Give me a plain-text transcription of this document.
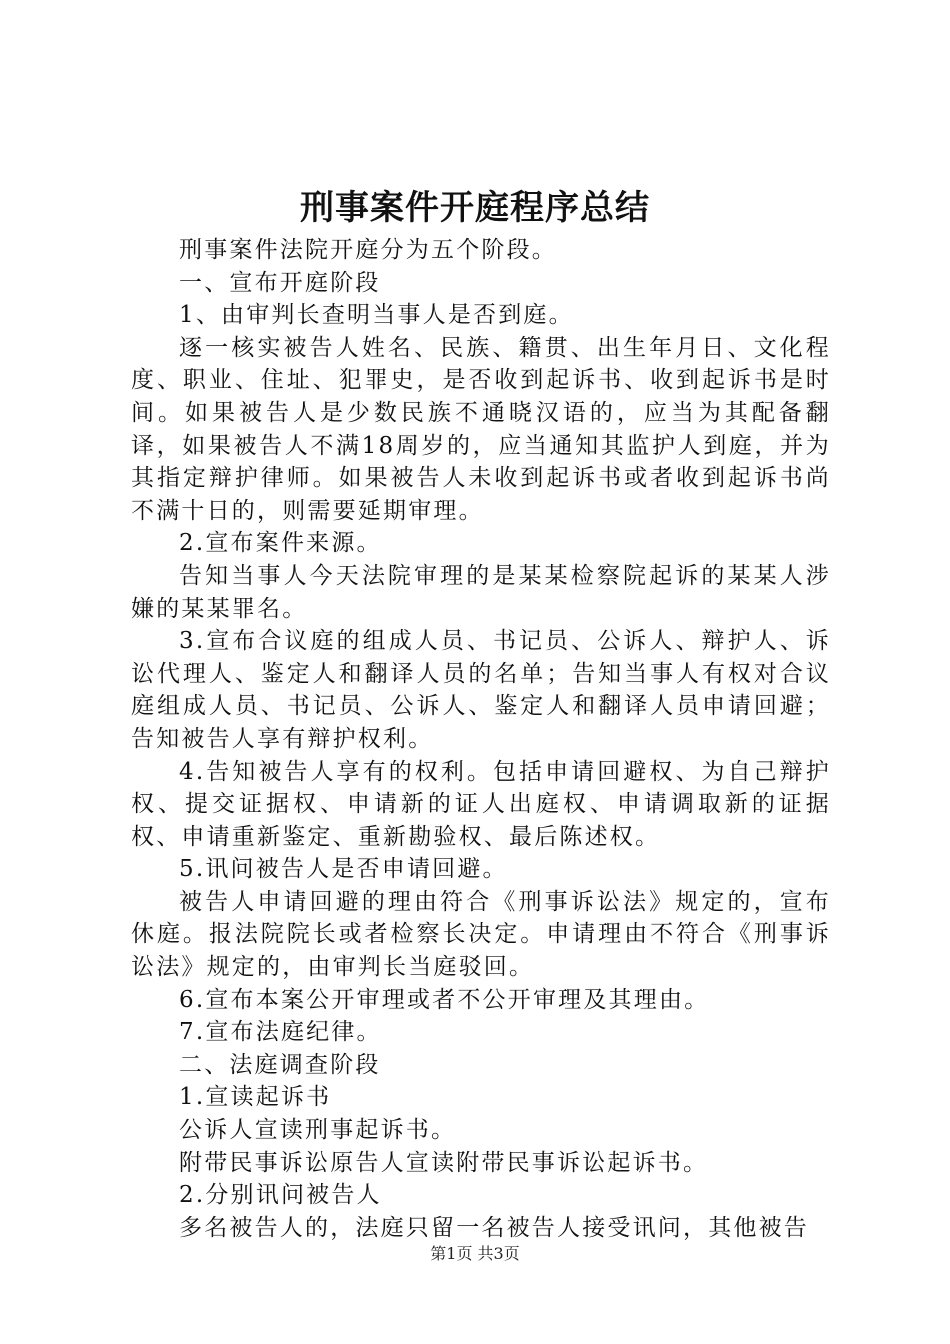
刑事案件开庭程序总结

刑事案件法院开庭分为五个阶段。

一、宣布开庭阶段

1、由审判长查明当事人是否到庭。

逐一核实被告人姓名、民族、籍贯、出生年月日、文化程度、职业、住址、犯罪史，是否收到起诉书、收到起诉书是时间。如果被告人是少数民族不通晓汉语的，应当为其配备翻译，如果被告人不满18周岁的，应当通知其监护人到庭，并为其指定辩护律师。如果被告人未收到起诉书或者收到起诉书尚不满十日的，则需要延期审理。

2.宣布案件来源。

告知当事人今天法院审理的是某某检察院起诉的某某人涉嫌的某某罪名。

3.宣布合议庭的组成人员、书记员、公诉人、辩护人、诉讼代理人、鉴定人和翻译人员的名单；告知当事人有权对合议庭组成人员、书记员、公诉人、鉴定人和翻译人员申请回避；告知被告人享有辩护权利。

4.告知被告人享有的权利。包括申请回避权、为自己辩护权、提交证据权、申请新的证人出庭权、申请调取新的证据权、申请重新鉴定、重新勘验权、最后陈述权。

5.讯问被告人是否申请回避。

被告人申请回避的理由符合《刑事诉讼法》规定的，宣布休庭。报法院院长或者检察长决定。申请理由不符合《刑事诉讼法》规定的，由审判长当庭驳回。

6.宣布本案公开审理或者不公开审理及其理由。

7.宣布法庭纪律。

二、法庭调查阶段

1.宣读起诉书

公诉人宣读刑事起诉书。

附带民事诉讼原告人宣读附带民事诉讼起诉书。

2.分别讯问被告人

多名被告人的，法庭只留一名被告人接受讯问，其他被告

第1页 共3页
